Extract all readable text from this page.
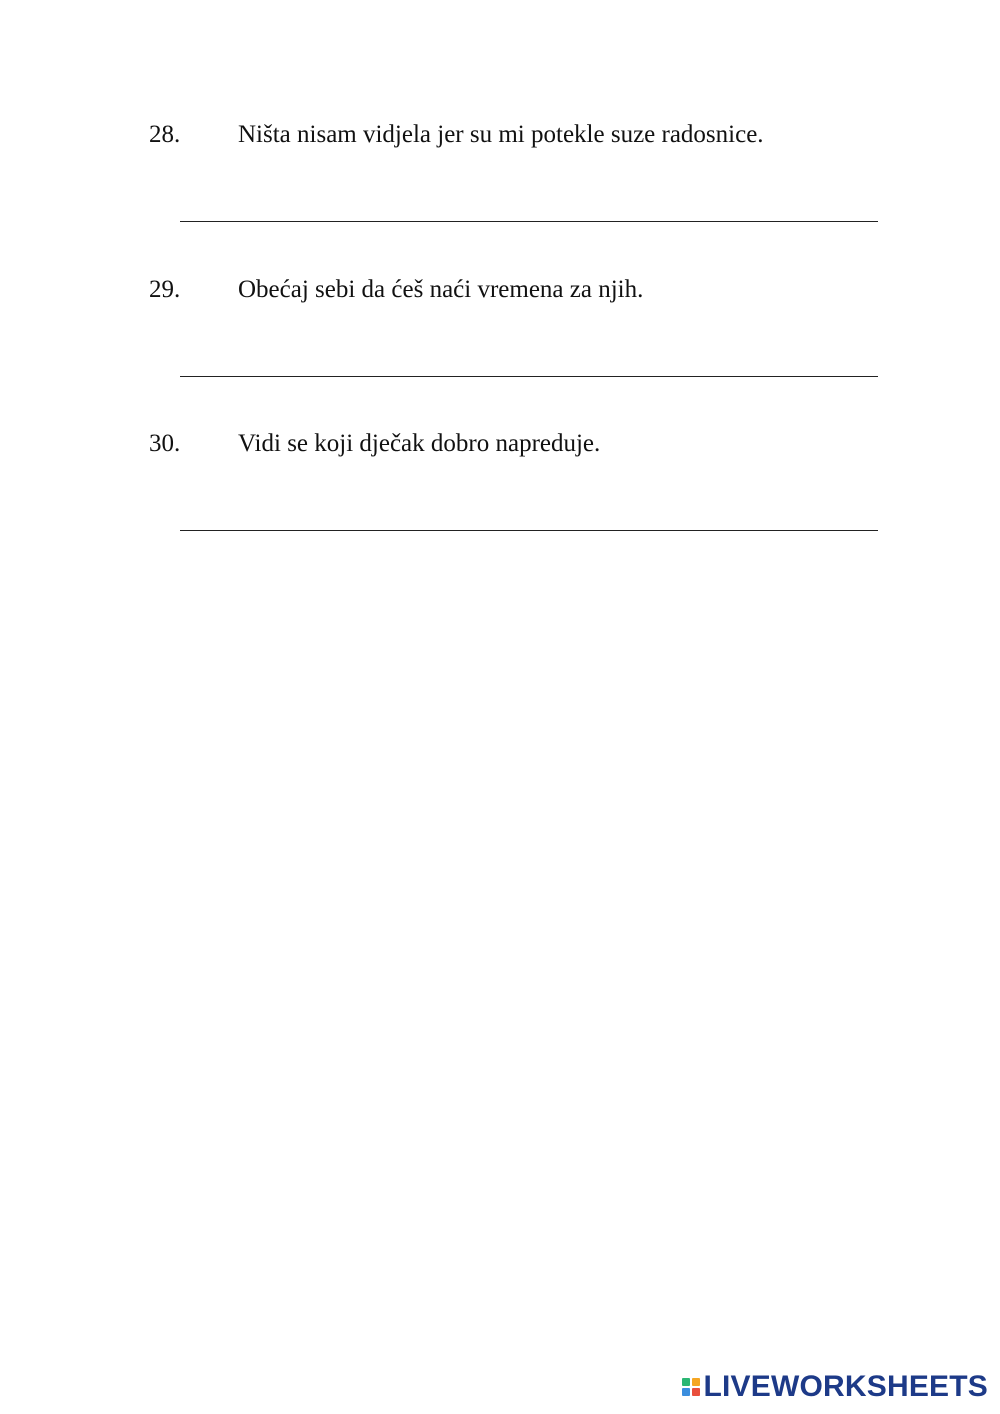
28. Ništa nisam vidjela jer su mi potekle suze radosnice.
29. Obećaj sebi da ćeš naći vremena za njih.
30. Vidi se koji dječak dobro napreduje.
LIVEWORKSHEETS
